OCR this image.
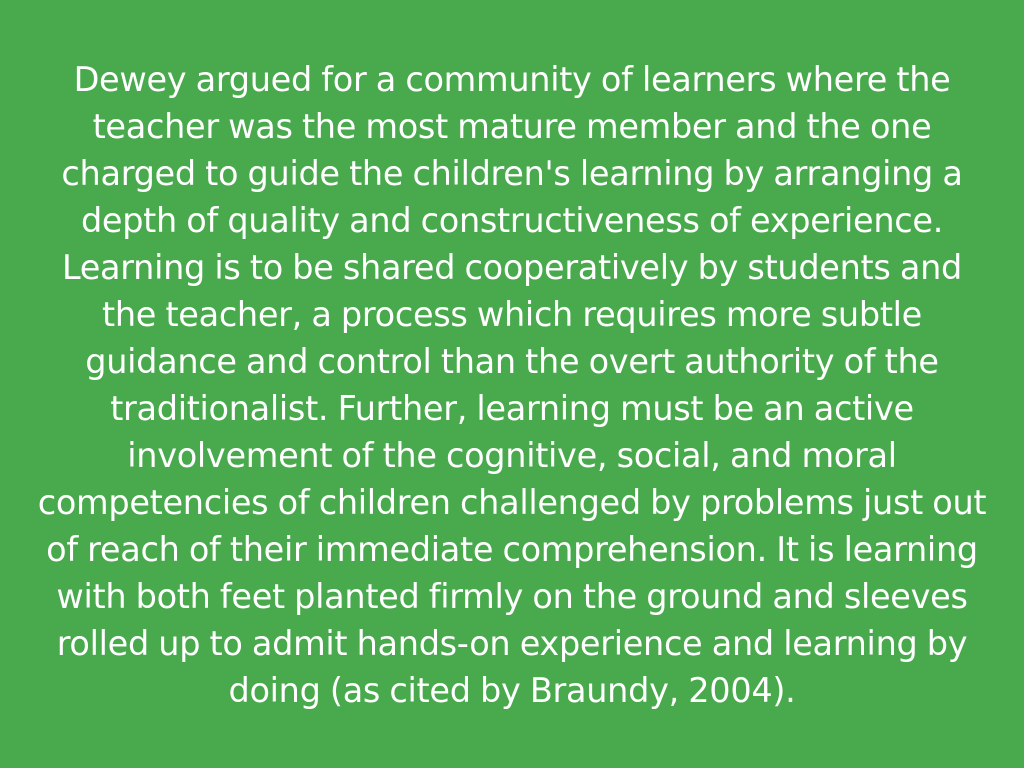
Dewey argued for a community of learners where the
teacher was the most mature member and the one
charged to guide the children's learning by arranging a
depth of quality and constructiveness of experience.
Learning is to be shared cooperatively by students and
the teacher, a process which requires more subtle
guidance and control than the overt authority of the
traditionalist. Further, learning must be an active
involvement of the cognitive, social, and moral
competencies of children challenged by problems just out
of reach of their immediate comprehension. It is learning
with both feet planted firmly on the ground and sleeves
rolled up to admit hands-on experience and learning by
doing (as cited by Braundy, 2004).
